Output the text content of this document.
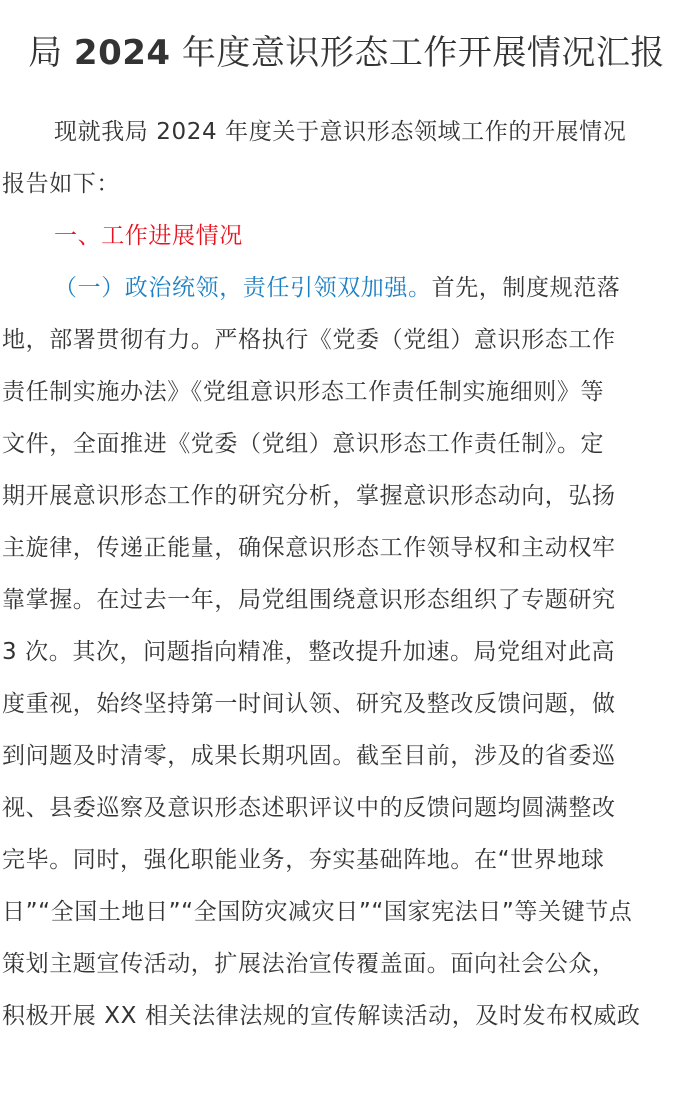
局 2024 年度意识形态工作开展情况汇报
现就我局 2024 年度关于意识形态领域工作的开展情况
报告如下：
一、工作进展情况
（一）政治统领，责任引领双加强。首先，制度规范落
地，部署贯彻有力。严格执行《党委（党组）意识形态工作
责任制实施办法》《党组意识形态工作责任制实施细则》等
文件，全面推进《党委（党组）意识形态工作责任制》。定
期开展意识形态工作的研究分析，掌握意识形态动向，弘扬
主旋律，传递正能量，确保意识形态工作领导权和主动权牢
靠掌握。在过去一年，局党组围绕意识形态组织了专题研究
3 次。其次，问题指向精准，整改提升加速。局党组对此高
度重视，始终坚持第一时间认领、研究及整改反馈问题，做
到问题及时清零，成果长期巩固。截至目前，涉及的省委巡
视、县委巡察及意识形态述职评议中的反馈问题均圆满整改
完毕。同时，强化职能业务，夯实基础阵地。在“世界地球
日”“全国土地日”“全国防灾减灾日”“国家宪法日”等关键节点
策划主题宣传活动，扩展法治宣传覆盖面。面向社会公众，
积极开展 XX 相关法律法规的宣传解读活动，及时发布权威政
